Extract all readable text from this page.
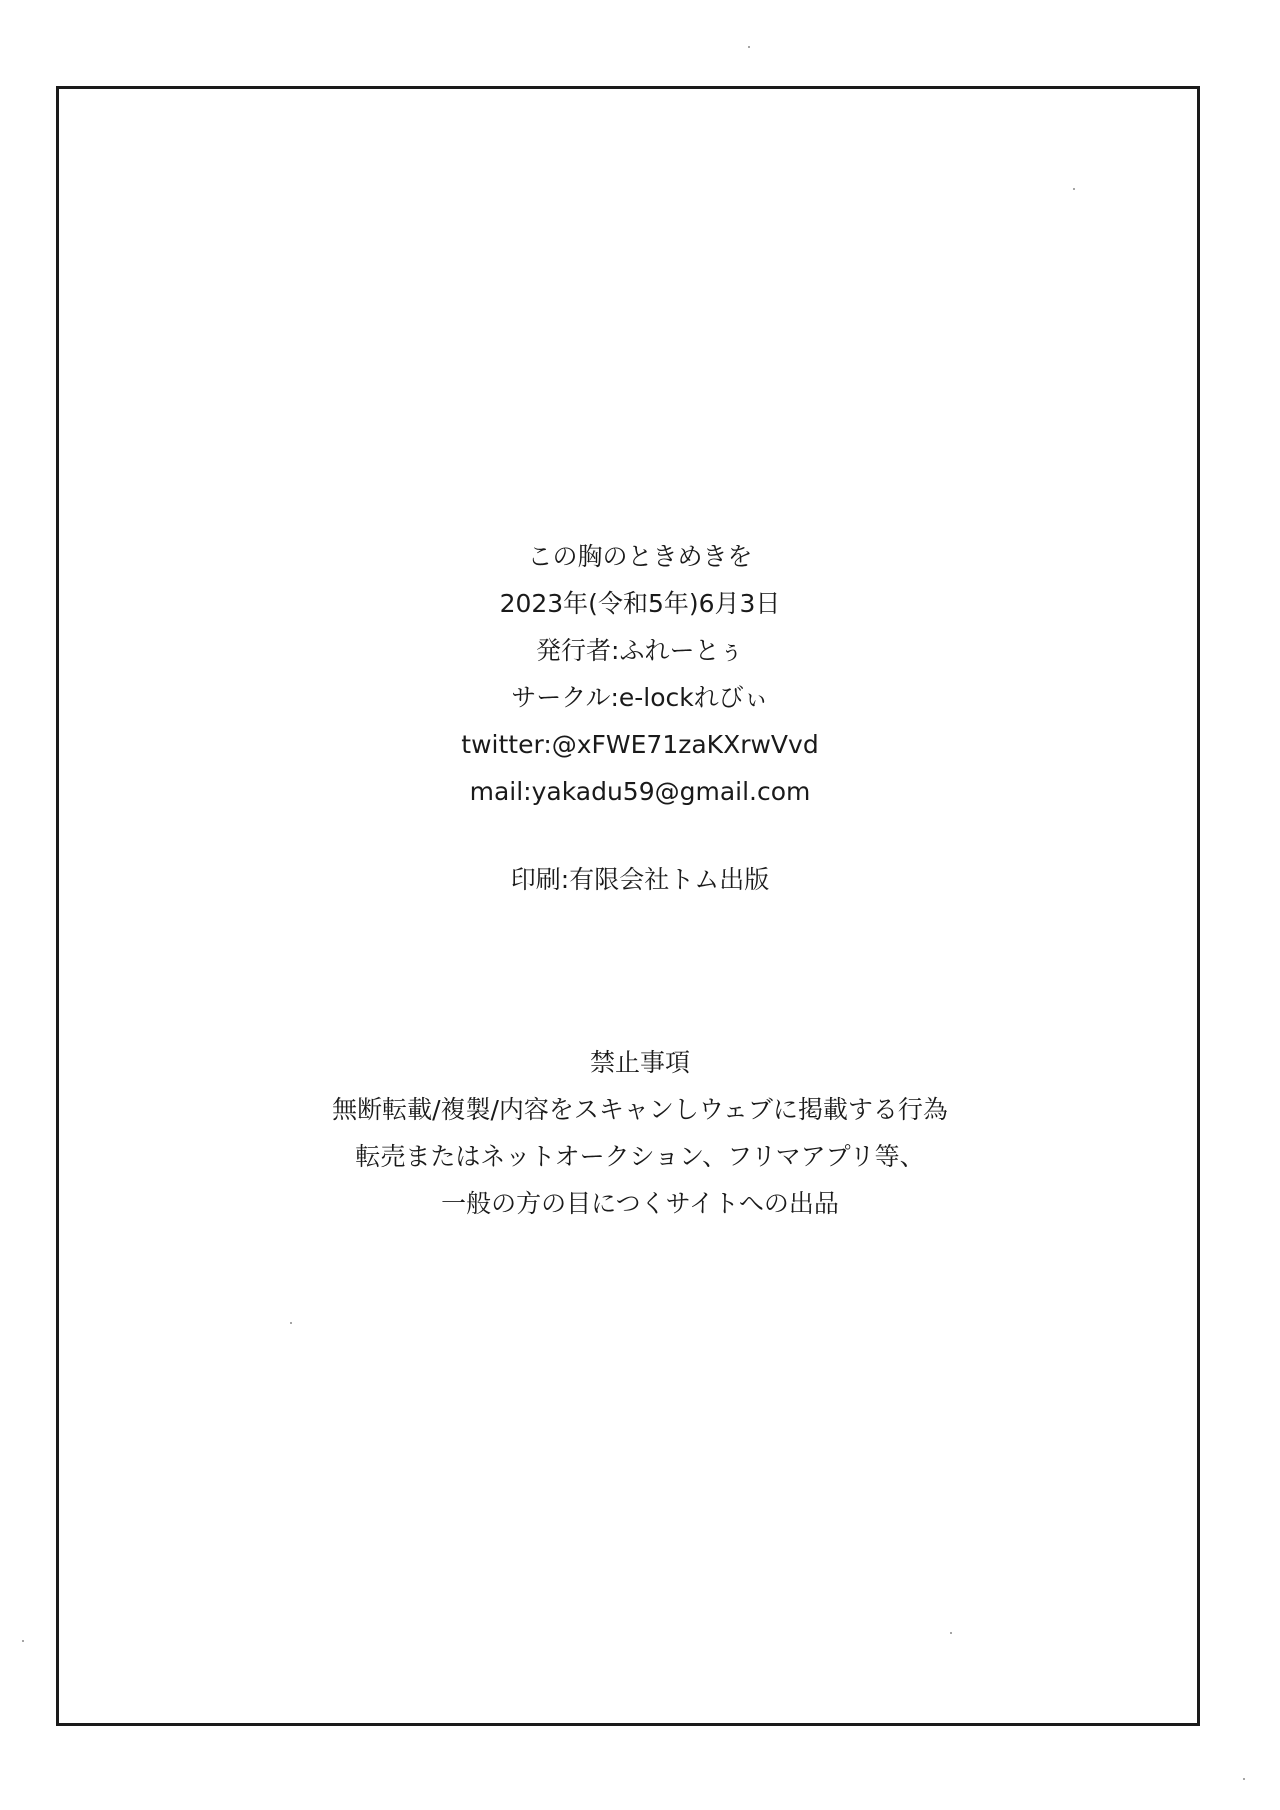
この胸のときめきを
2023年(令和5年)6月3日
発行者:ふれーとぅ
サークル:e-lockれびぃ
twitter:@xFWE71zaKXrwVvd
mail:yakadu59@gmail.com
印刷:有限会社トム出版
禁止事項
無断転載/複製/内容をスキャンしウェブに掲載する行為
転売またはネットオークション、フリマアプリ等、
一般の方の目につくサイトへの出品
